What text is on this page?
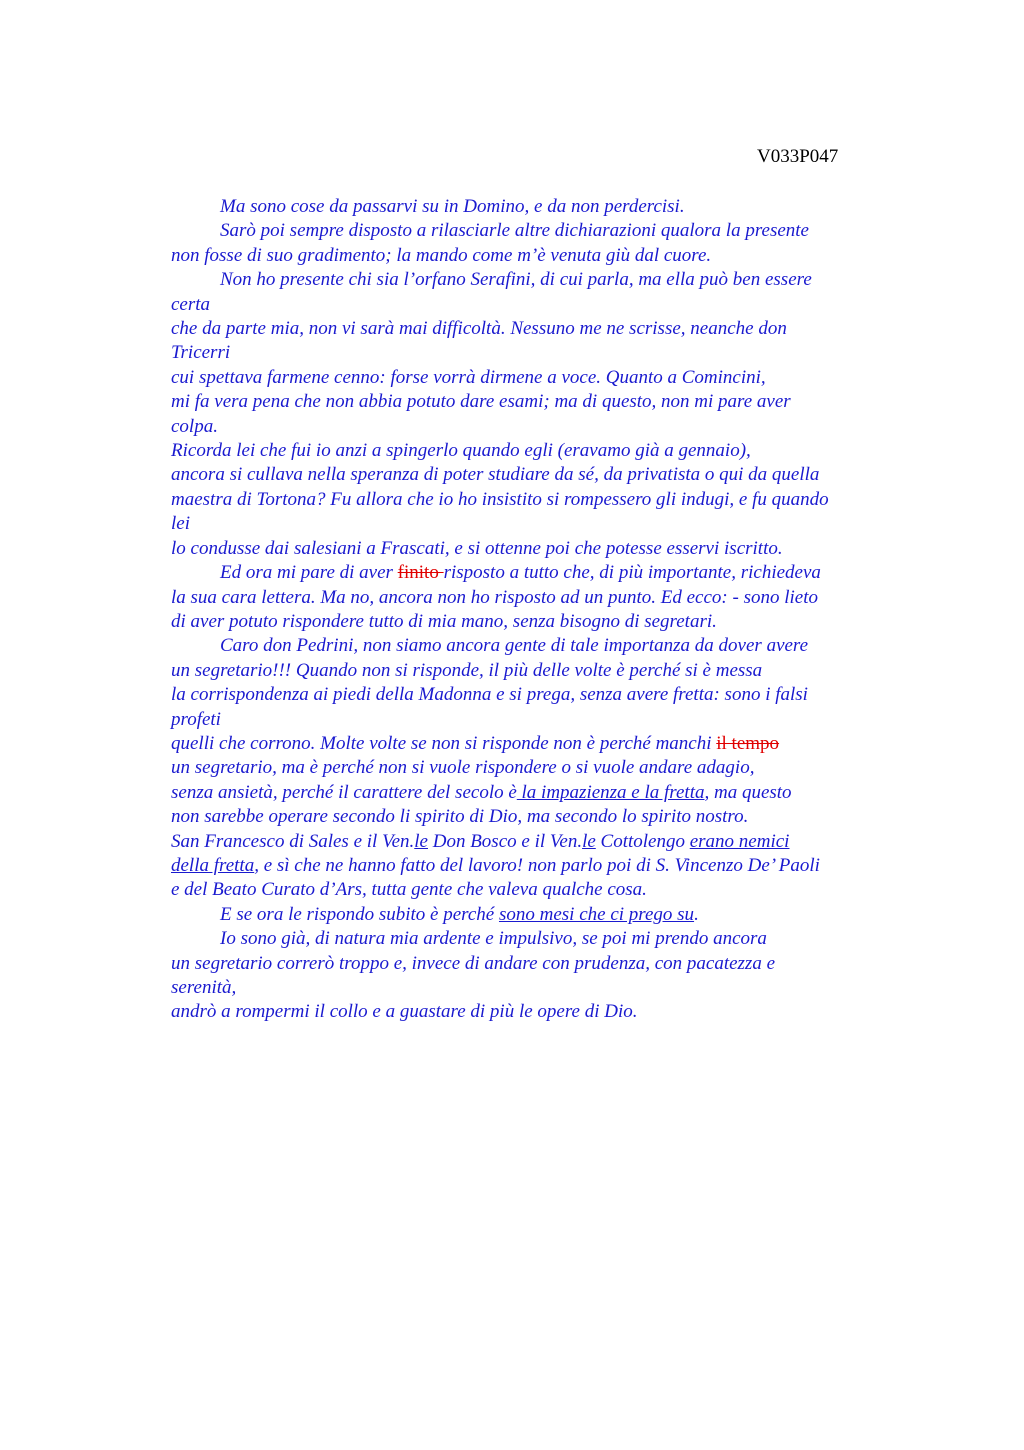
V033P047
Ma sono cose da passarvi su in Domino, e da non perdercisi.
Sarò poi sempre disposto a rilasciarle altre dichiarazioni qualora la presente
non fosse di suo gradimento; la mando come m’è venuta giù dal cuore.
Non ho presente chi sia l’orfano Serafini, di cui parla, ma ella può ben essere
certa
che da parte mia, non vi sarà mai difficoltà. Nessuno me ne scrisse, neanche don
Tricerri
cui spettava farmene cenno: forse vorrà dirmene a voce. Quanto a Comincini,
mi fa vera pena che non abbia potuto dare esami; ma di questo, non mi pare aver
colpa.
Ricorda lei che fui io anzi a spingerlo quando egli (eravamo già a gennaio),
ancora si cullava nella speranza di poter studiare da sé, da privatista o qui da quella
maestra di Tortona? Fu allora che io ho insistito si rompessero gli indugi, e fu quando
lei
lo condusse dai salesiani a Frascati, e si ottenne poi che potesse esservi iscritto.
Ed ora mi pare di aver finito risposto a tutto che, di più importante, richiedeva
la sua cara lettera. Ma no, ancora non ho risposto ad un punto. Ed ecco: - sono lieto
di aver potuto rispondere tutto di mia mano, senza bisogno di segretari.
Caro don Pedrini, non siamo ancora gente di tale importanza da dover avere
un segretario!!! Quando non si risponde, il più delle volte è perché si è messa
la corrispondenza ai piedi della Madonna e si prega, senza avere fretta: sono i falsi
profeti
quelli che corrono. Molte volte se non si risponde non è perché manchi il tempo
un segretario, ma è perché non si vuole rispondere o si vuole andare adagio,
senza ansietà, perché il carattere del secolo è la impazienza e la fretta, ma questo
non sarebbe operare secondo li spirito di Dio, ma secondo lo spirito nostro.
San Francesco di Sales e il Ven.le Don Bosco e il Ven.le Cottolengo erano nemici
della fretta, e sì che ne hanno fatto del lavoro! non parlo poi di S. Vincenzo De’ Paoli
e del Beato Curato d’Ars, tutta gente che valeva qualche cosa.
E se ora le rispondo subito è perché sono mesi che ci prego su.
Io sono già, di natura mia ardente e impulsivo, se poi mi prendo ancora
un segretario correrò troppo e, invece di andare con prudenza, con pacatezza e
serenità,
andrò a rompermi il collo e a guastare di più le opere di Dio.
